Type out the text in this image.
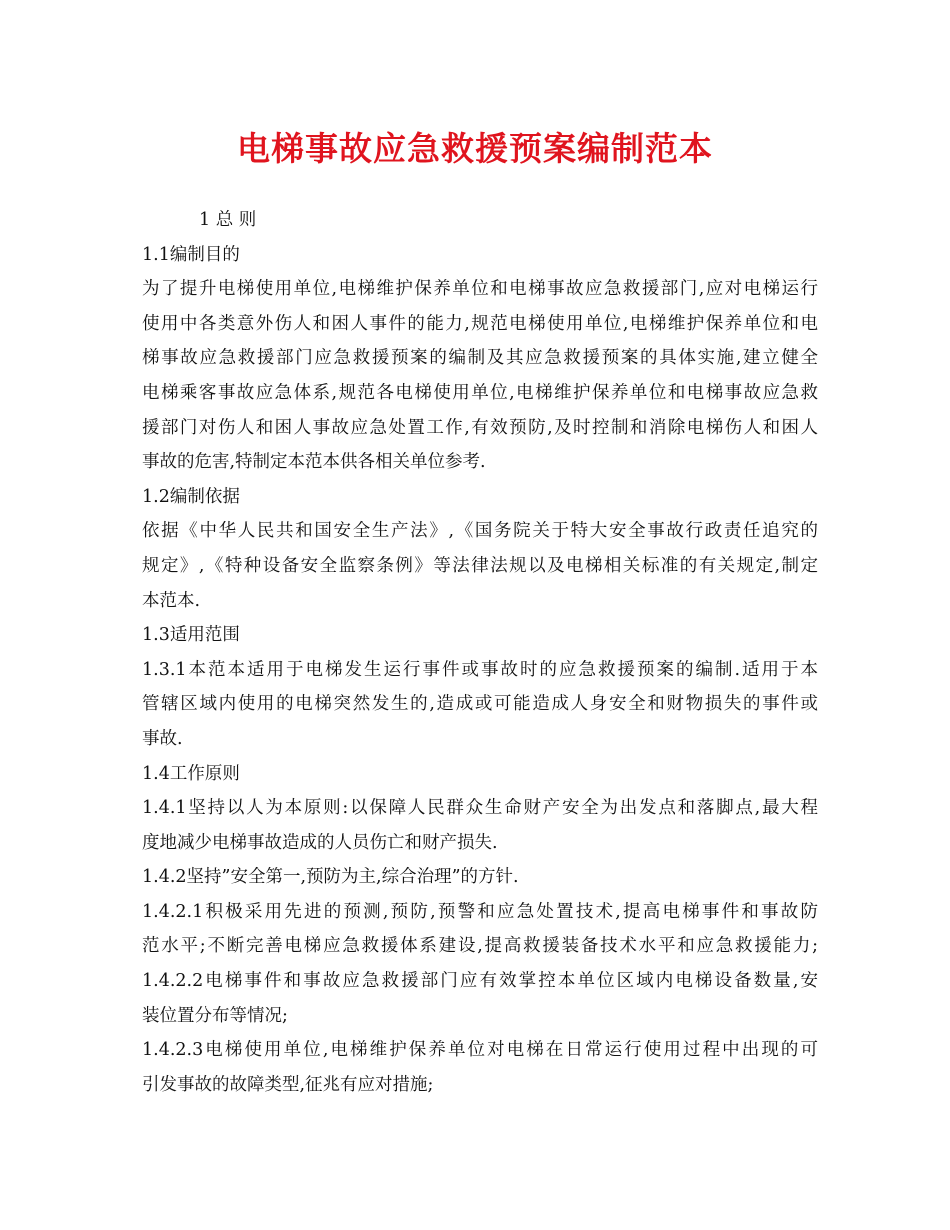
电梯事故应急救援预案编制范本
1 总 则
1.1编制目的
为了提升电梯使用单位,电梯维护保养单位和电梯事故应急救援部门,应对电梯运行
使用中各类意外伤人和困人事件的能力,规范电梯使用单位,电梯维护保养单位和电
梯事故应急救援部门应急救援预案的编制及其应急救援预案的具体实施,建立健全
电梯乘客事故应急体系,规范各电梯使用单位,电梯维护保养单位和电梯事故应急救
援部门对伤人和困人事故应急处置工作,有效预防,及时控制和消除电梯伤人和困人
事故的危害,特制定本范本供各相关单位参考.
1.2编制依据
依据《中华人民共和国安全生产法》,《国务院关于特大安全事故行政责任追究的
规定》,《特种设备安全监察条例》等法律法规以及电梯相关标准的有关规定,制定
本范本.
1.3适用范围
1.3.1本范本适用于电梯发生运行事件或事故时的应急救援预案的编制.适用于本
管辖区域内使用的电梯突然发生的,造成或可能造成人身安全和财物损失的事件或
事故.
1.4工作原则
1.4.1坚持以人为本原则:以保障人民群众生命财产安全为出发点和落脚点,最大程
度地减少电梯事故造成的人员伤亡和财产损失.
1.4.2坚持”安全第一,预防为主,综合治理”的方针.
1.4.2.1积极采用先进的预测,预防,预警和应急处置技术,提高电梯事件和事故防
范水平;不断完善电梯应急救援体系建设,提高救援装备技术水平和应急救援能力;
1.4.2.2电梯事件和事故应急救援部门应有效掌控本单位区域内电梯设备数量,安
装位置分布等情况;
1.4.2.3电梯使用单位,电梯维护保养单位对电梯在日常运行使用过程中出现的可
引发事故的故障类型,征兆有应对措施;
